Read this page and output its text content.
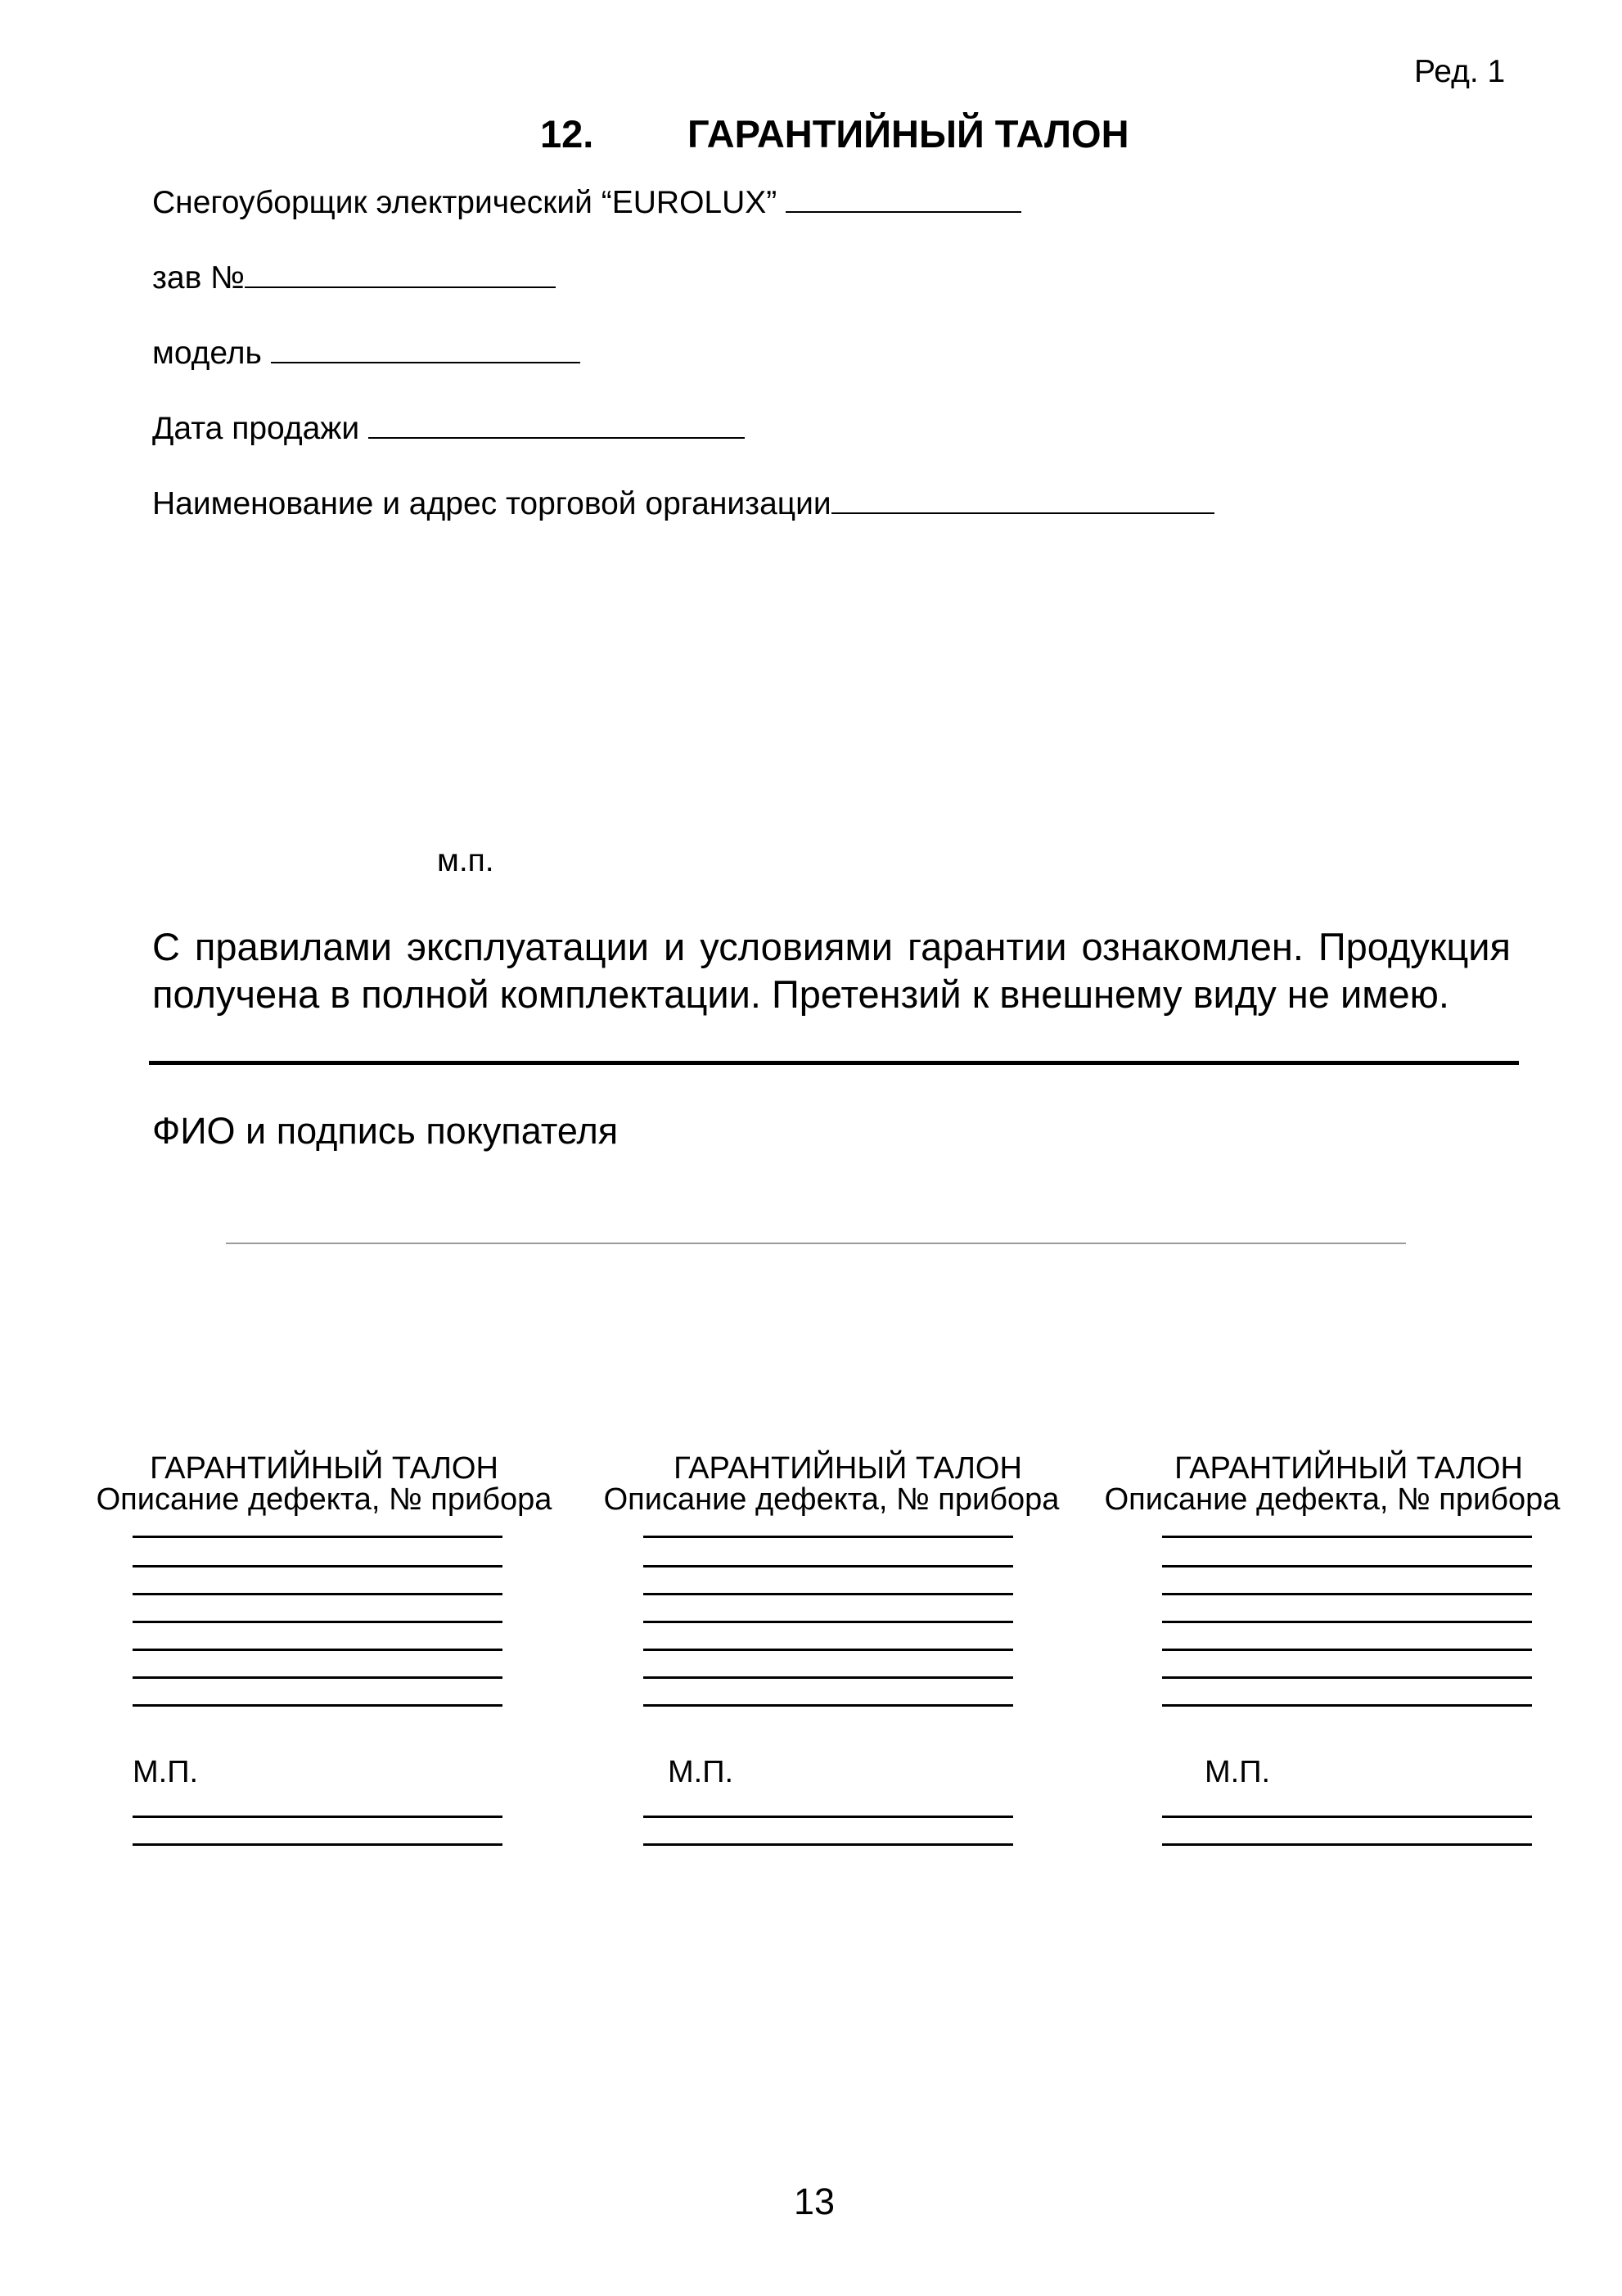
Ред. 1
12. ГАРАНТИЙНЫЙ ТАЛОН
Снегоуборщик электрический “EUROLUX”
зав №
модель
Дата продажи
Наименование и адрес торговой организации
м.п.
С правилами эксплуатации и условиями гарантии ознакомлен. Продукция получена в полной комплектации. Претензий к внешнему виду не имею.
ФИО и подпись покупателя
ГАРАНТИЙНЫЙ ТАЛОН
Описание дефекта, № прибора
М.П.
ГАРАНТИЙНЫЙ ТАЛОН
Описание дефекта, № прибора
М.П.
ГАРАНТИЙНЫЙ ТАЛОН
Описание дефекта, № прибора
М.П.
13
